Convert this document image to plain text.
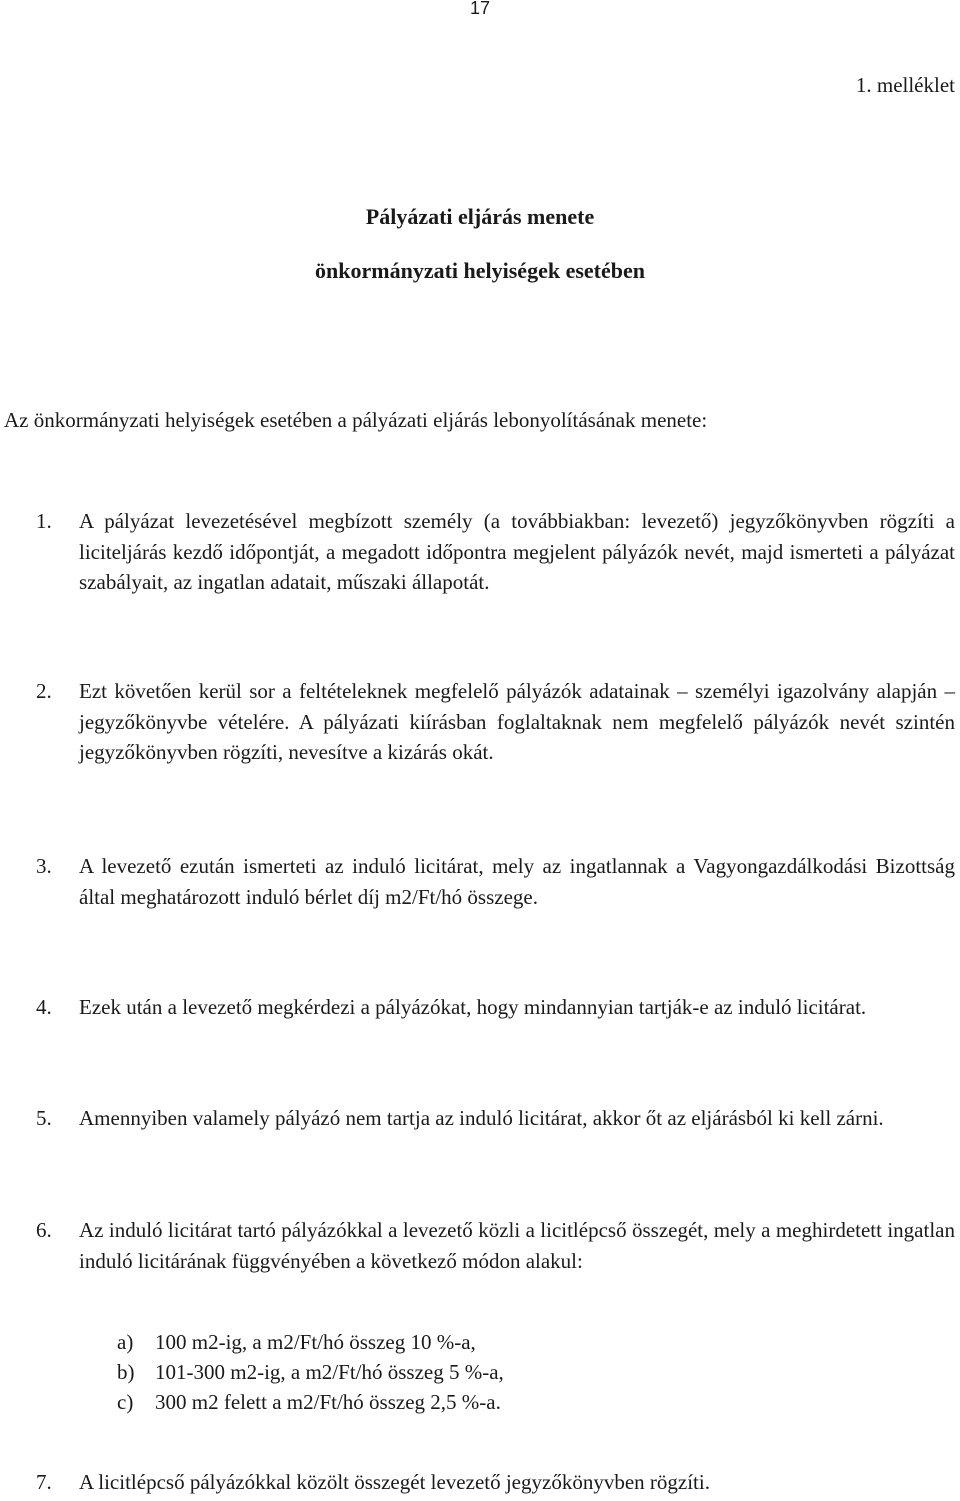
17
1. melléklet
Pályázati eljárás menete
önkormányzati helyiségek esetében
Az önkormányzati helyiségek esetében a pályázati eljárás lebonyolításának menete:
1. A pályázat levezetésével megbízott személy (a továbbiakban: levezető) jegyzőkönyvben rögzíti a liciteljárás kezdő időpontját, a megadott időpontra megjelent pályázók nevét, majd ismerteti a pályázat szabályait, az ingatlan adatait, műszaki állapotát.
2. Ezt követően kerül sor a feltételeknek megfelelő pályázók adatainak – személyi igazolvány alapján – jegyzőkönyvbe vételére. A pályázati kiírásban foglaltaknak nem megfelelő pályázók nevét szintén jegyzőkönyvben rögzíti, nevesítve a kizárás okát.
3. A levezető ezután ismerteti az induló licitárat, mely az ingatlannak a Vagyongazdálkodási Bizottság által meghatározott induló bérlet díj m2/Ft/hó összege.
4. Ezek után a levezető megkérdezi a pályázókat, hogy mindannyian tartják-e az induló licitárat.
5. Amennyiben valamely pályázó nem tartja az induló licitárat, akkor őt az eljárásból ki kell zárni.
6. Az induló licitárat tartó pályázókkal a levezető közli a licitlépcső összegét, mely a meghirdetett ingatlan induló licitárának függvényében a következő módon alakul:
a) 100 m2-ig, a m2/Ft/hó összeg 10 %-a,
b) 101-300 m2-ig, a m2/Ft/hó összeg 5 %-a,
c) 300 m2 felett a m2/Ft/hó összeg 2,5 %-a.
7. A licitlépcső pályázókkal közölt összegét levezető jegyzőkönyvben rögzíti.
